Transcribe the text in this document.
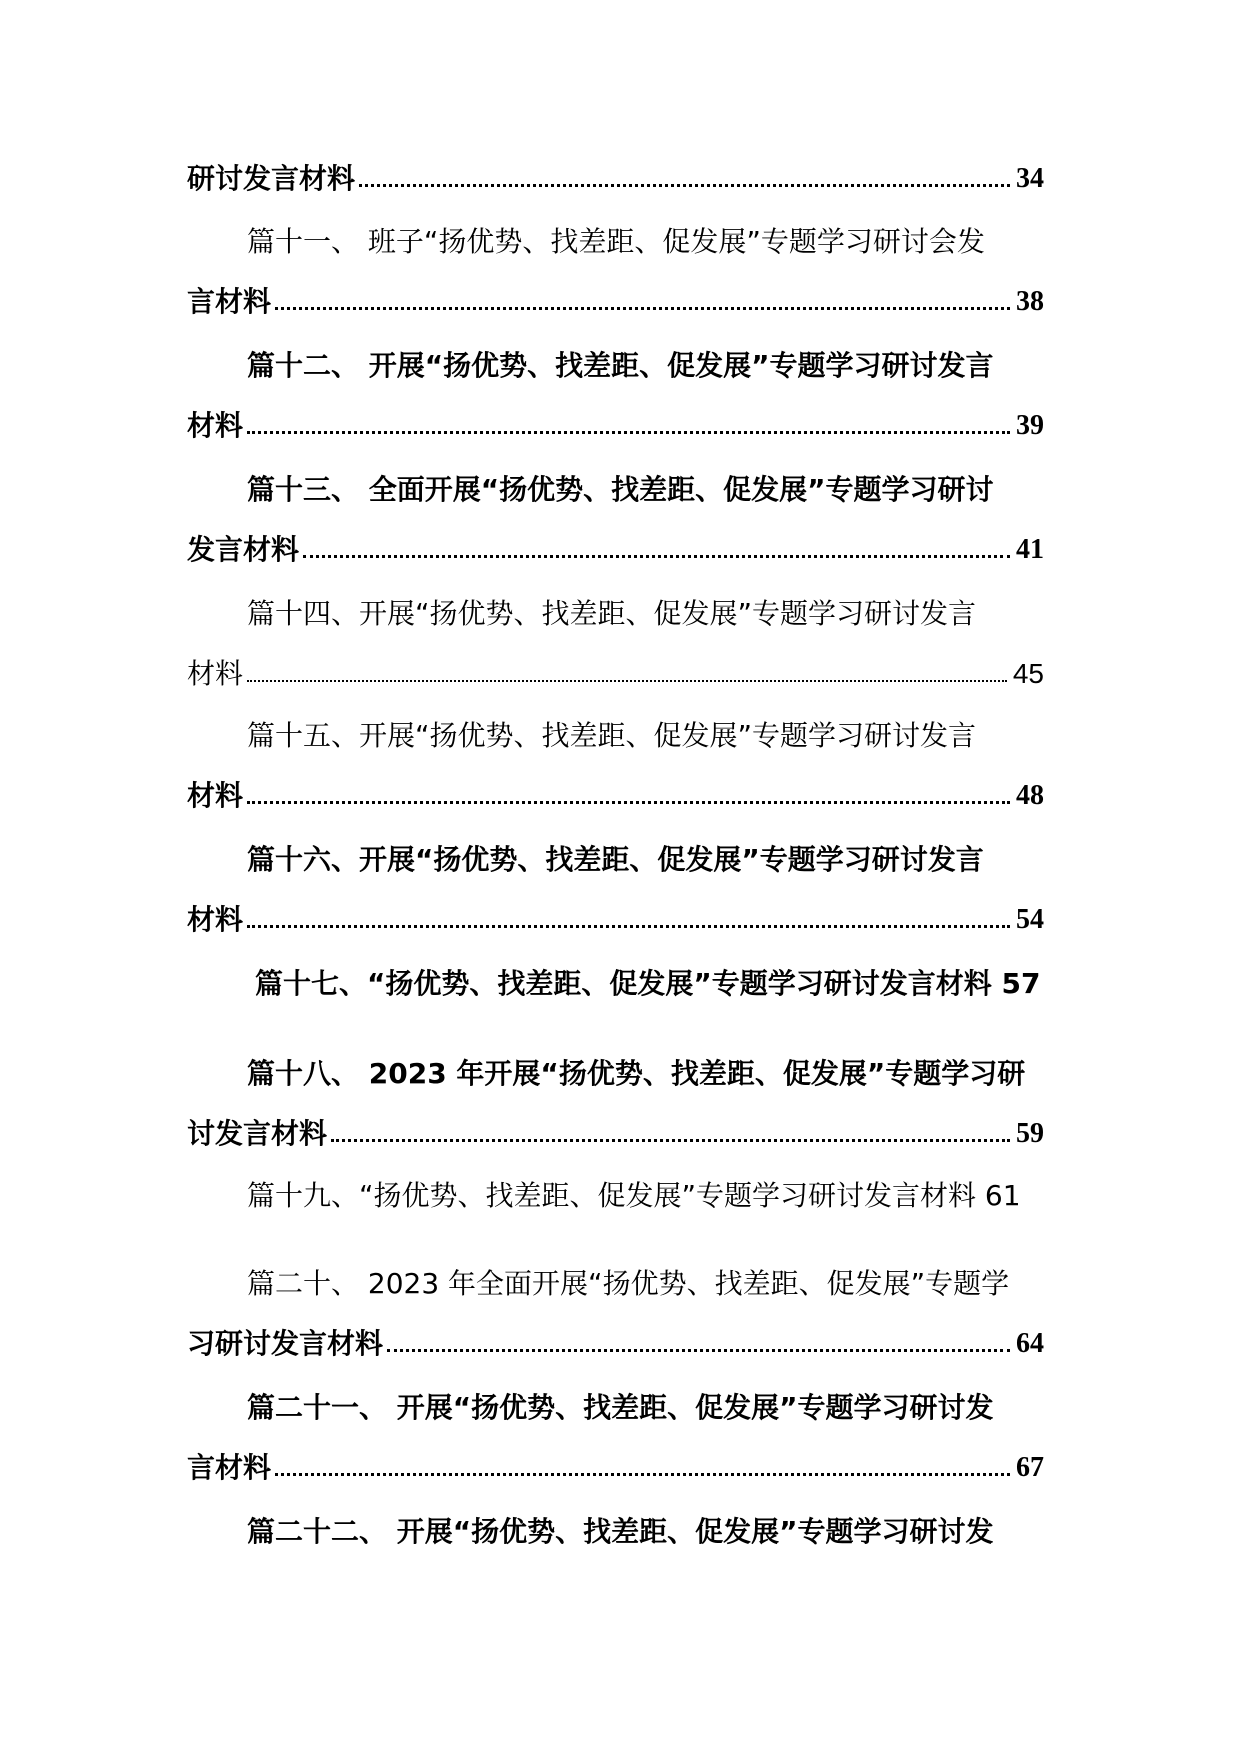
研讨发言材料	34
篇十一、 班子“扬优势、找差距、促发展”专题学习研讨会发
言材料	38
篇十二、 开展“扬优势、找差距、促发展”专题学习研讨发言
材料	39
篇十三、 全面开展“扬优势、找差距、促发展”专题学习研讨
发言材料	41
篇十四、开展“扬优势、找差距、促发展”专题学习研讨发言
材料	45
篇十五、开展“扬优势、找差距、促发展”专题学习研讨发言
材料	48
篇十六、开展“扬优势、找差距、促发展”专题学习研讨发言
材料	54
篇十七、“扬优势、找差距、促发展”专题学习研讨发言材料 57
篇十八、 2023 年开展“扬优势、找差距、促发展”专题学习研
讨发言材料	59
篇十九、“扬优势、找差距、促发展”专题学习研讨发言材料 61
篇二十、 2023 年全面开展“扬优势、找差距、促发展”专题学
习研讨发言材料	64
篇二十一、 开展“扬优势、找差距、促发展”专题学习研讨发
言材料	67
篇二十二、 开展“扬优势、找差距、促发展”专题学习研讨发
